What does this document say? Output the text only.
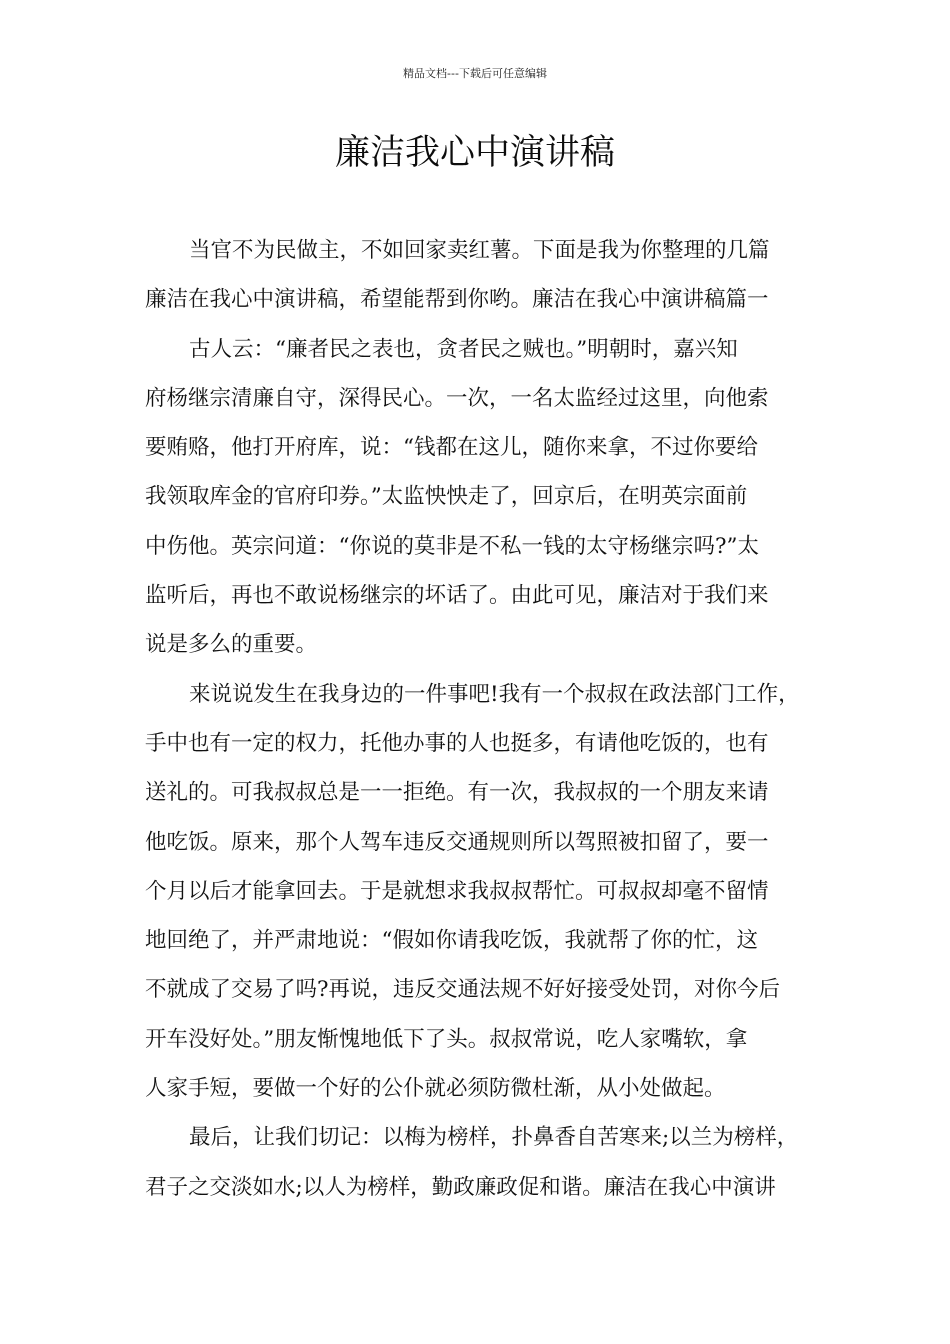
精品文档---下载后可任意编辑
廉洁我心中演讲稿
当官不为民做主，不如回家卖红薯。下面是我为你整理的几篇
廉洁在我心中演讲稿，希望能帮到你哟。廉洁在我心中演讲稿篇一
古人云：“廉者民之表也，贪者民之贼也。”明朝时，嘉兴知
府杨继宗清廉自守，深得民心。一次，一名太监经过这里，向他索
要贿赂，他打开府库，说：“钱都在这儿，随你来拿，不过你要给
我领取库金的官府印券。”太监怏怏走了，回京后，在明英宗面前
中伤他。英宗问道：“你说的莫非是不私一钱的太守杨继宗吗?”太
监听后，再也不敢说杨继宗的坏话了。由此可见，廉洁对于我们来
说是多么的重要。
来说说发生在我身边的一件事吧!我有一个叔叔在政法部门工作，
手中也有一定的权力，托他办事的人也挺多，有请他吃饭的，也有
送礼的。可我叔叔总是一一拒绝。有一次，我叔叔的一个朋友来请
他吃饭。原来，那个人驾车违反交通规则所以驾照被扣留了，要一
个月以后才能拿回去。于是就想求我叔叔帮忙。可叔叔却毫不留情
地回绝了，并严肃地说：“假如你请我吃饭，我就帮了你的忙，这
不就成了交易了吗?再说，违反交通法规不好好接受处罚，对你今后
开车没好处。”朋友惭愧地低下了头。叔叔常说，吃人家嘴软，拿
人家手短，要做一个好的公仆就必须防微杜渐，从小处做起。
最后，让我们切记：以梅为榜样，扑鼻香自苦寒来;以兰为榜样，
君子之交淡如水;以人为榜样，勤政廉政促和谐。廉洁在我心中演讲
